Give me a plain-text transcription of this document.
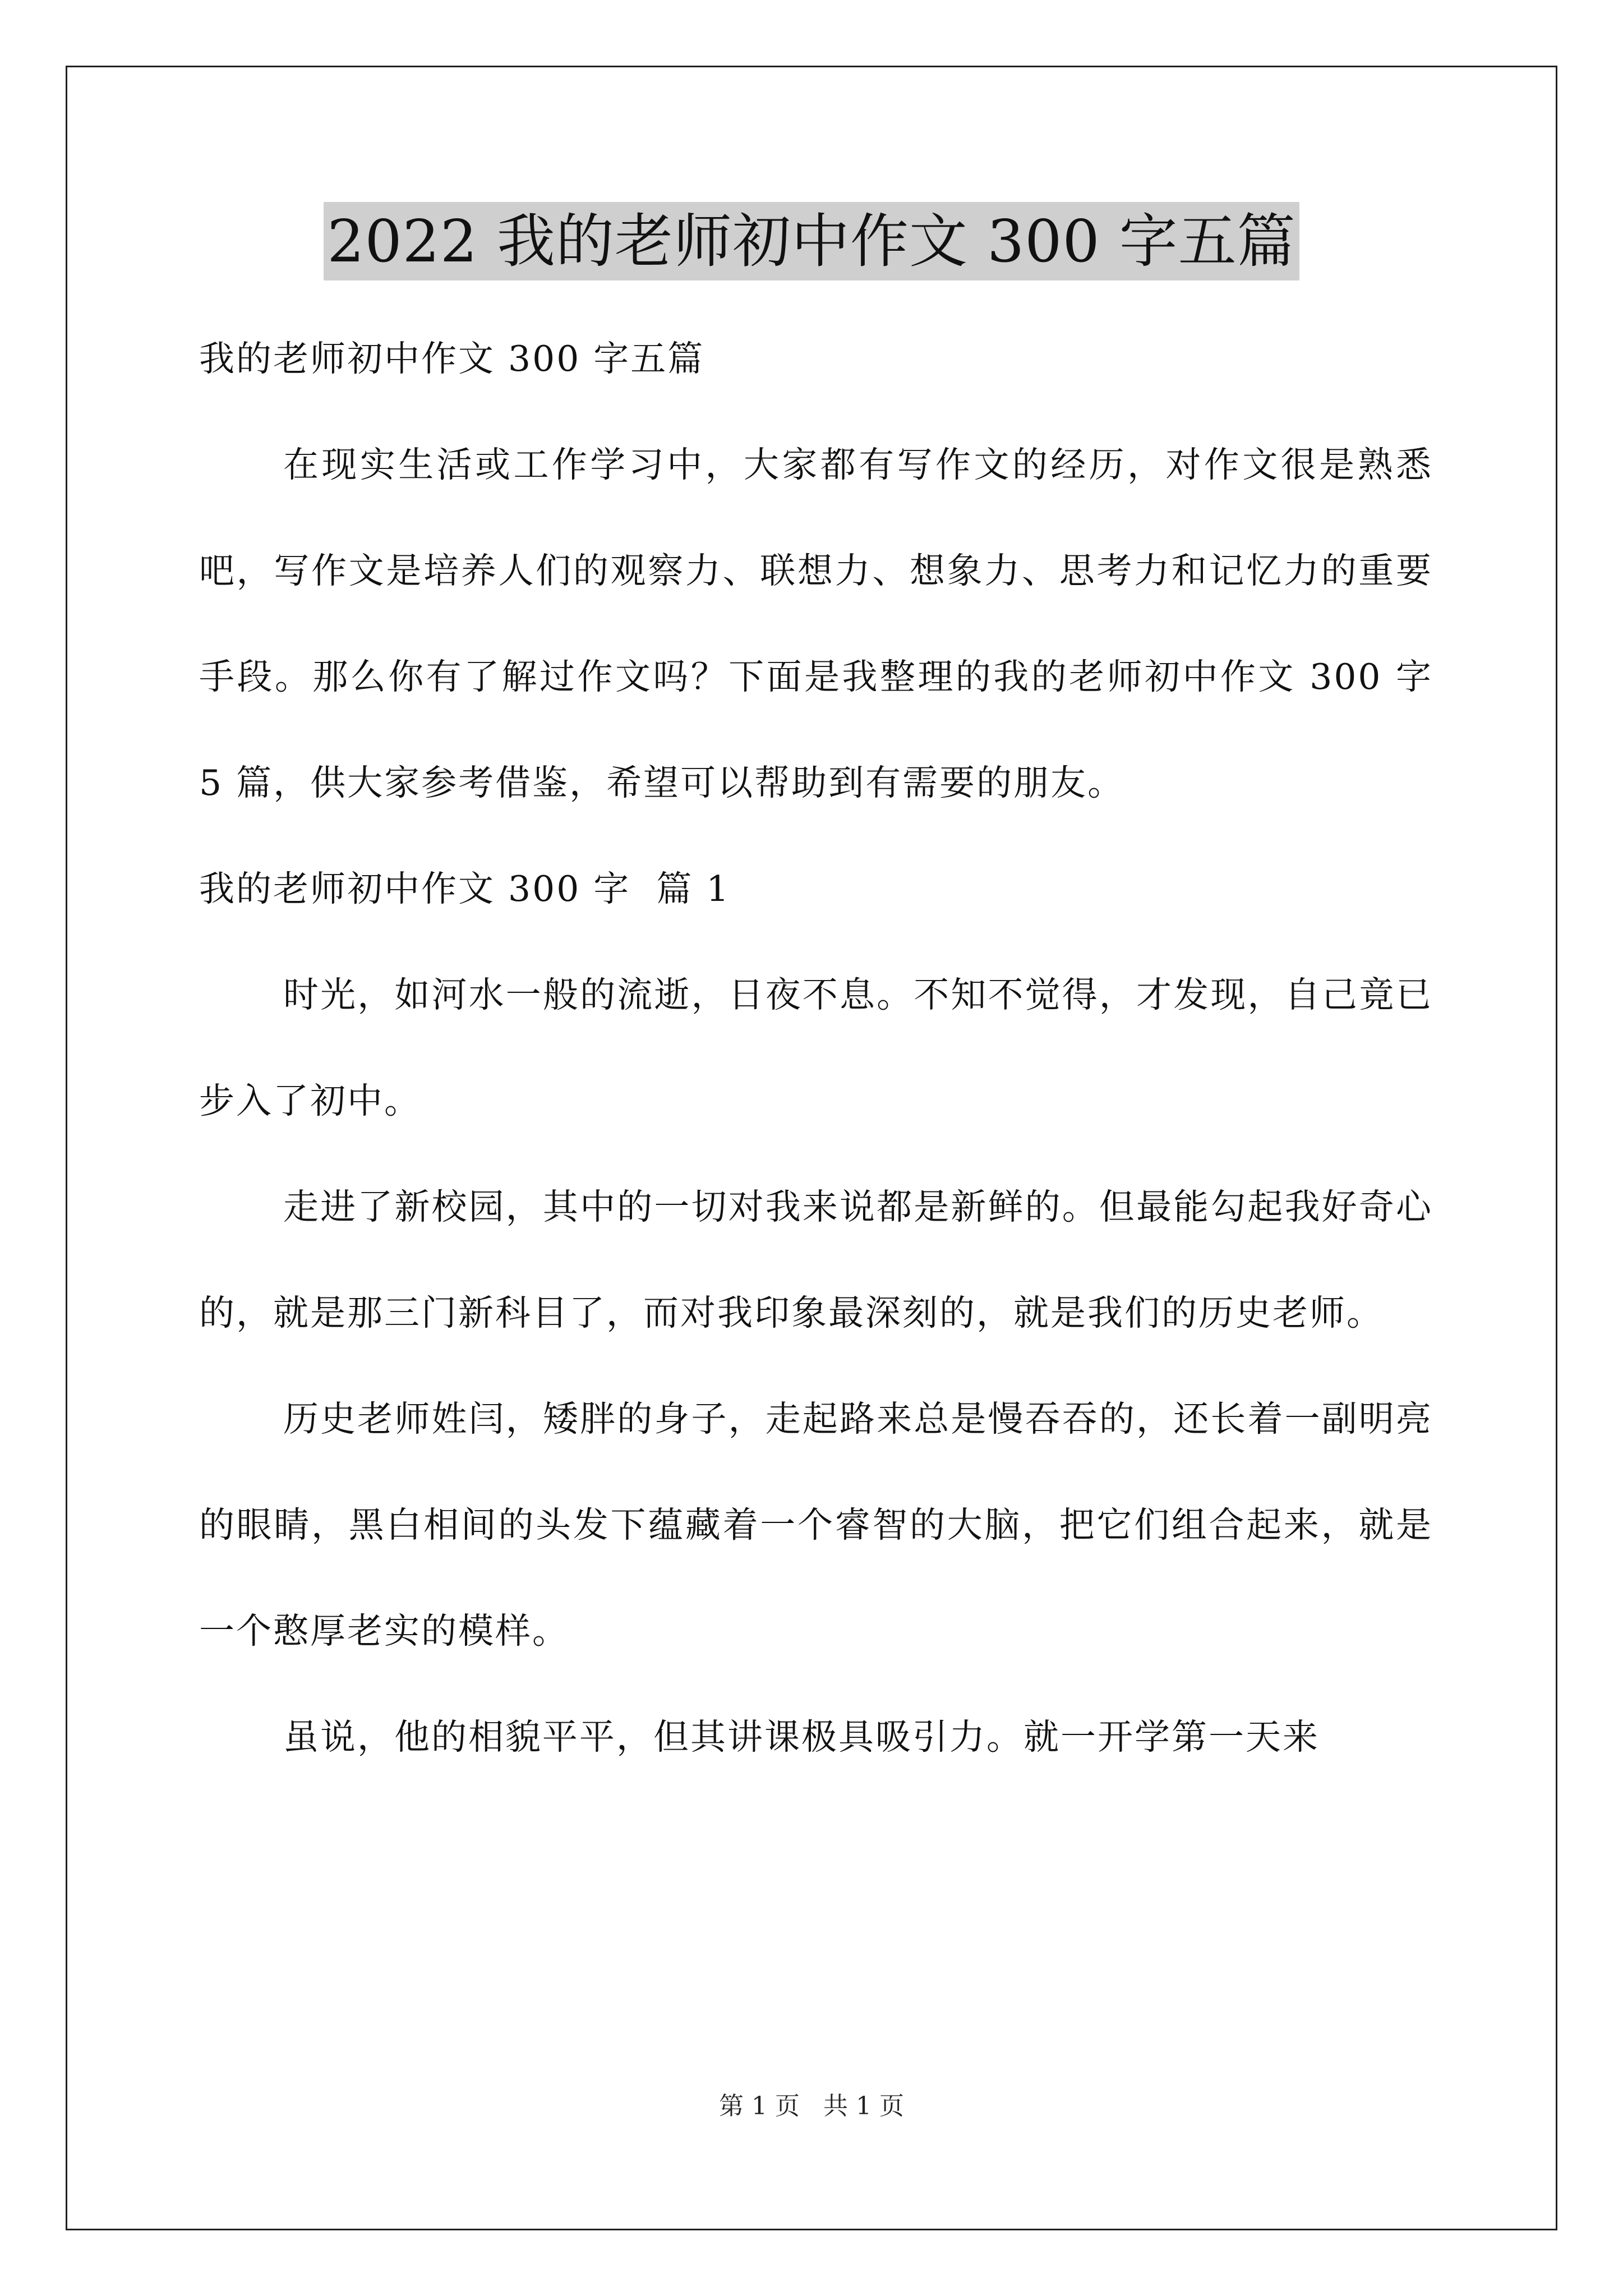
2022 我的老师初中作文 300 字五篇

我的老师初中作文 300 字五篇

在现实生活或工作学习中，大家都有写作文的经历，对作文很是熟悉吧，写作文是培养人们的观察力、联想力、想象力、思考力和记忆力的重要手段。那么你有了解过作文吗？下面是我整理的我的老师初中作文 300 字 5 篇，供大家参考借鉴，希望可以帮助到有需要的朋友。

我的老师初中作文 300 字  篇 1

时光，如河水一般的流逝，日夜不息。不知不觉得，才发现，自己竟已步入了初中。

走进了新校园，其中的一切对我来说都是新鲜的。但最能勾起我好奇心的，就是那三门新科目了，而对我印象最深刻的，就是我们的历史老师。

历史老师姓闫，矮胖的身子，走起路来总是慢吞吞的，还长着一副明亮的眼睛，黑白相间的头发下蕴藏着一个睿智的大脑，把它们组合起来，就是一个憨厚老实的模样。

虽说，他的相貌平平，但其讲课极具吸引力。就一开学第一天来

第 1 页   共 1 页
